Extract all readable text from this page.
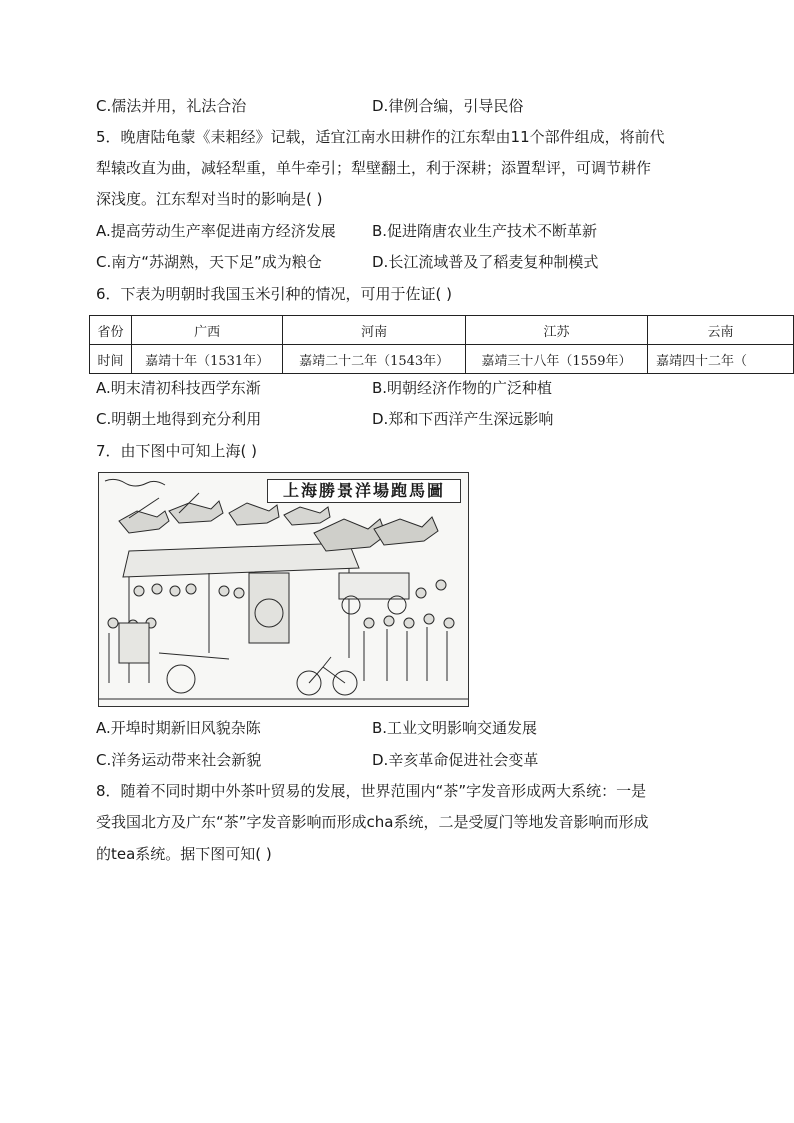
C.儒法并用，礼法合治	D.律例合编，引导民俗
5．晚唐陆龟蒙《耒耜经》记载，适宜江南水田耕作的江东犁由11个部件组成，将前代
犁辕改直为曲，减轻犁重，单牛牵引；犁壁翻土，利于深耕；添置犁评，可调节耕作
深浅度。江东犁对当时的影响是( )
A.提高劳动生产率促进南方经济发展 B.促进隋唐农业生产技术不断革新
C.南方“苏湖熟，天下足”成为粮仓	D.长江流域普及了稻麦复种制模式
6．下表为明朝时我国玉米引种的情况，可用于佐证( )
省份	广西	河南	江苏	云南
时间	嘉靖十年（1531年）	嘉靖二十二年（1543年）	嘉靖三十八年（1559年）	嘉靖四十二年（
A.明末清初科技西学东渐	B.明朝经济作物的广泛种植
C.明朝土地得到充分利用	D.郑和下西洋产生深远影响
7．由下图中可知上海( )
上海勝景洋場跑馬圖
A.开埠时期新旧风貌杂陈	B.工业文明影响交通发展
C.洋务运动带来社会新貌	D.辛亥革命促进社会变革
8．随着不同时期中外茶叶贸易的发展，世界范围内“茶”字发音形成两大系统：一是
受我国北方及广东“茶”字发音影响而形成cha系统，二是受厦门等地发音影响而形成
的tea系统。据下图可知( )
